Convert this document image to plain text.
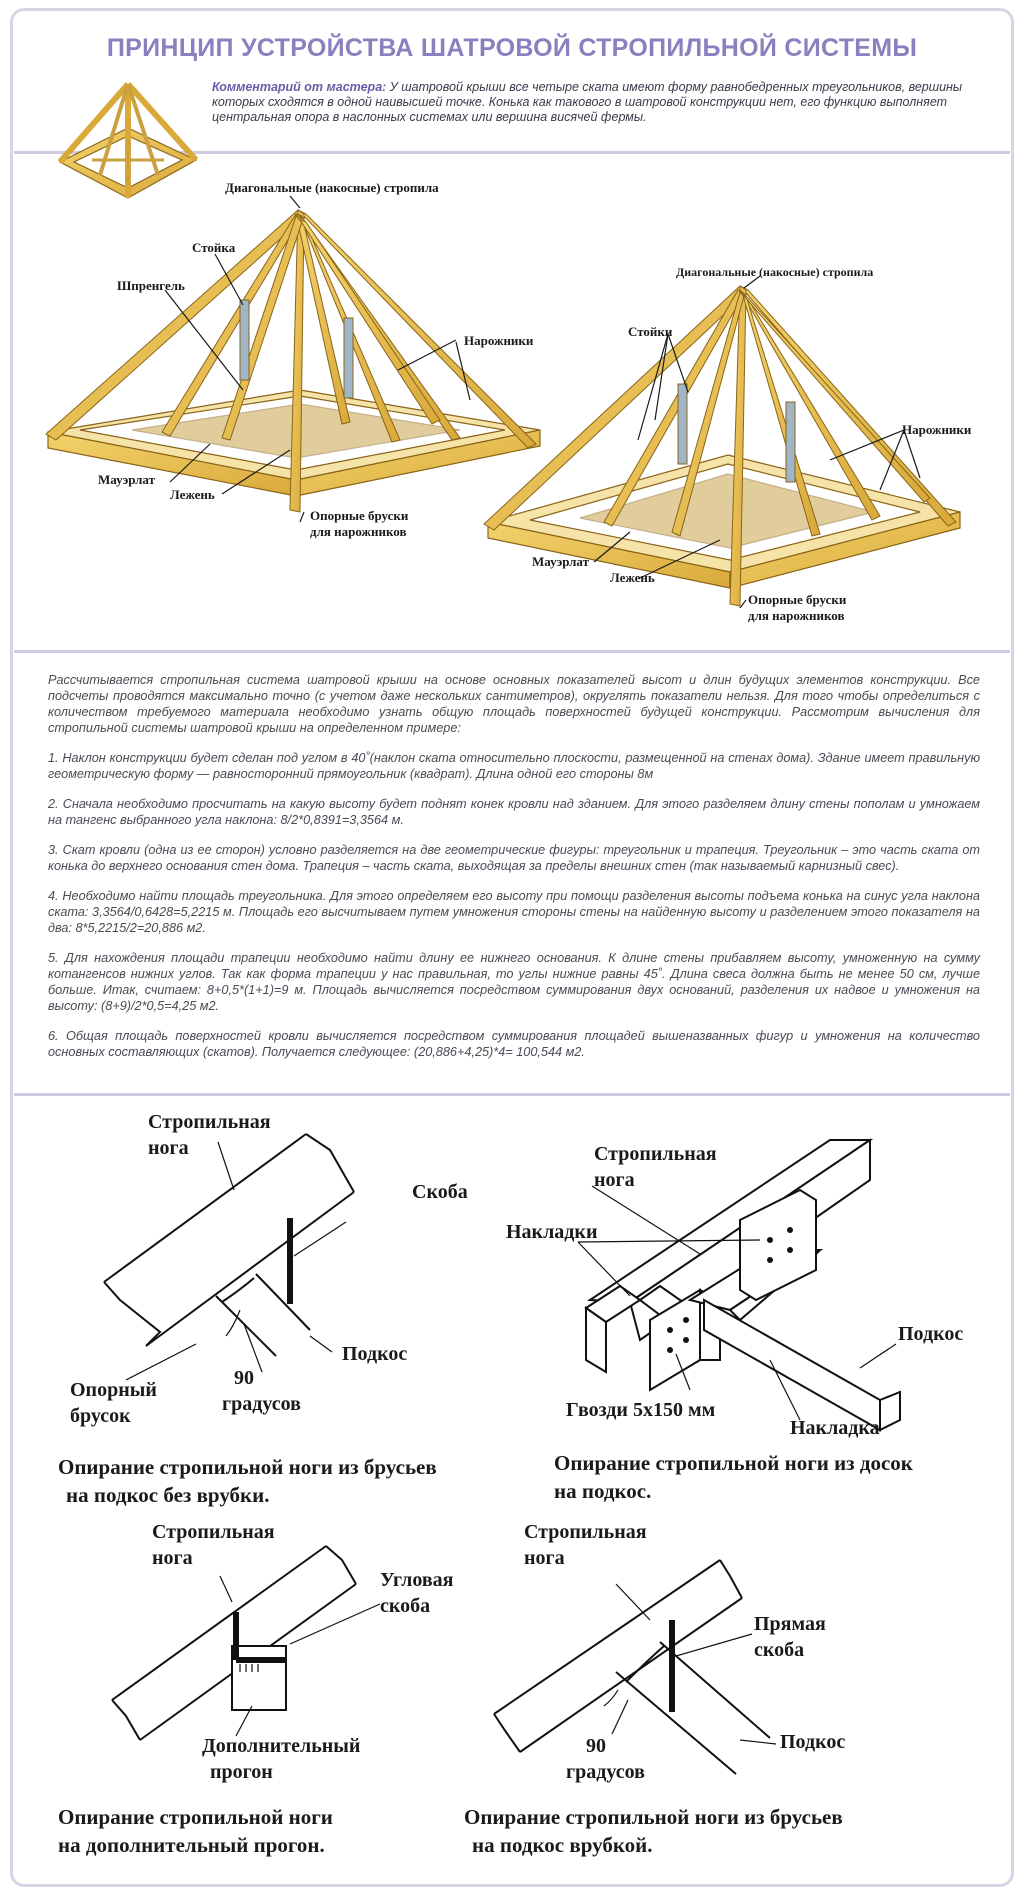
ПРИНЦИП УСТРОЙСТВА ШАТРОВОЙ СТРОПИЛЬНОЙ СИСТЕМЫ
Комментарий от мастера: У шатровой крыши все четыре ската имеют форму равнобедренных треугольников, вершины которых сходятся в одной наивысшей точке. Конька как такового в шатровой конструкции нет, его функцию выполняет центральная опора в наслонных системах или вершина висячей фермы.
Диагональные (накосные) стропила
Стойка
Шпренгель
Нарожники
Мауэрлат
Лежень
Опорные бруски
для нарожников
Диагональные (накосные) стропила
Стойки
Нарожники
Мауэрлат
Лежень
Опорные бруски
для нарожников
Стропильная
нога
Скоба
Подкос
Опорный
брусок
90
градусов
Опирание стропильной ноги из брусьев
на подкос без врубки.
Стропильная
нога
Накладки
Подкос
Гвозди 5х150 мм
Накладка
Опирание стропильной ноги из досок
на подкос.
Стропильная
нога
Угловая
скоба
Дополнительный
прогон
Опирание стропильной ноги
на дополнительный прогон.
Стропильная
нога
Прямая
скоба
Подкос
90
градусов
Опирание стропильной ноги из брусьев
на подкос врубкой.

Рассчитывается стропильная система шатровой крыши на основе основных показателей высот и длин будущих элементов конструкции. Все подсчеты проводятся максимально точно (с учетом даже нескольких сантиметров), округлять показатели нельзя. Для того чтобы определиться с количеством требуемого материала необходимо узнать общую площадь поверхностей будущей конструкции. Рассмотрим вычисления для стропильной системы шатровой крыши на определенном примере:

1. Наклон конструкции будет сделан под углом в 40˚(наклон ската относительно плоскости, размещенной на стенах дома). Здание имеет правильную геометрическую форму — равносторонний прямоугольник (квадрат). Длина одной его стороны 8м

2. Сначала необходимо просчитать на какую высоту будет поднят конек кровли над зданием. Для этого разделяем длину стены пополам и умножаем на тангенс выбранного угла наклона: 8/2*0,8391=3,3564 м.

3. Скат кровли (одна из ее сторон) условно разделяется на две геометрические фигуры: треугольник и трапеция. Треугольник – это часть ската от конька до верхнего основания стен дома. Трапеция – часть ската, выходящая за пределы внешних стен (так называемый карнизный свес).

4. Необходимо найти площадь треугольника. Для этого определяем его высоту при помощи разделения высоты подъема конька на синус угла наклона ската: 3,3564/0,6428=5,2215 м. Площадь его высчитываем путем умножения стороны стены на найденную высоту и разделением этого показателя на два: 8*5,2215/2=20,886 м2.

5. Для нахождения площади трапеции необходимо найти длину ее нижнего основания. К длине стены прибавляем высоту, умноженную на сумму котангенсов нижних углов. Так как форма трапеции у нас правильная, то углы нижние равны 45˚. Длина свеса должна быть не менее 50 см, лучше больше. Итак, считаем: 8+0,5*(1+1)=9 м. Площадь вычисляется посредством суммирования двух оснований, разделения их надвое и умножения на высоту: (8+9)/2*0,5=4,25 м2.

6. Общая площадь поверхностей кровли вычисляется посредством суммирования площадей вышеназванных фигур и умножения на количество основных составляющих (скатов). Получается следующее: (20,886+4,25)*4= 100,544 м2.
